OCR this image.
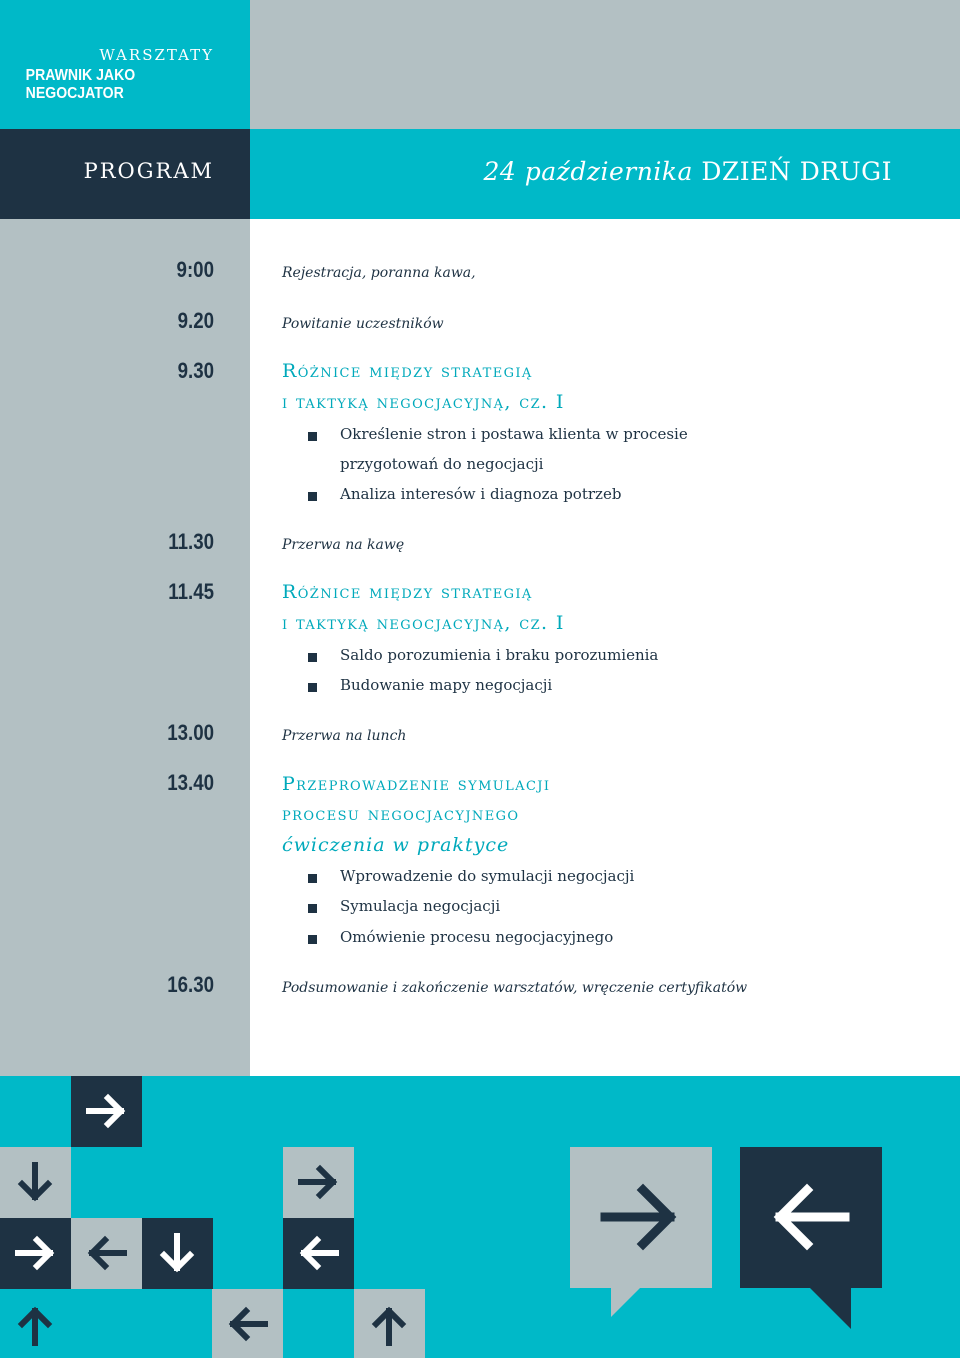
WARSZTATY
PRAWNIK JAKO NEGOCJATOR
PROGRAM	24 października DZIEŃ DRUGI
9:00
9.20
9.30
11.30
11.45
13.00
13.40
16.30
Rejestracja, poranna kawa,
Powitanie uczestników
Różnice między strategią
i taktyką negocjacyjną, cz. I
Określenie stron i postawa klienta w procesie
przygotowań do negocjacji
Analiza interesów i diagnoza potrzeb
Przerwa na kawę
Różnice między strategią
i taktyką negocjacyjną, cz. I
Saldo porozumienia i braku porozumienia
Budowanie mapy negocjacji
Przerwa na lunch
Przeprowadzenie symulacji
procesu negocjacyjnego
ćwiczenia w praktyce
Wprowadzenie do symulacji negocjacji
Symulacja negocjacji
Omówienie procesu negocjacyjnego
Podsumowanie i zakończenie warsztatów, wręczenie certyfikatów
